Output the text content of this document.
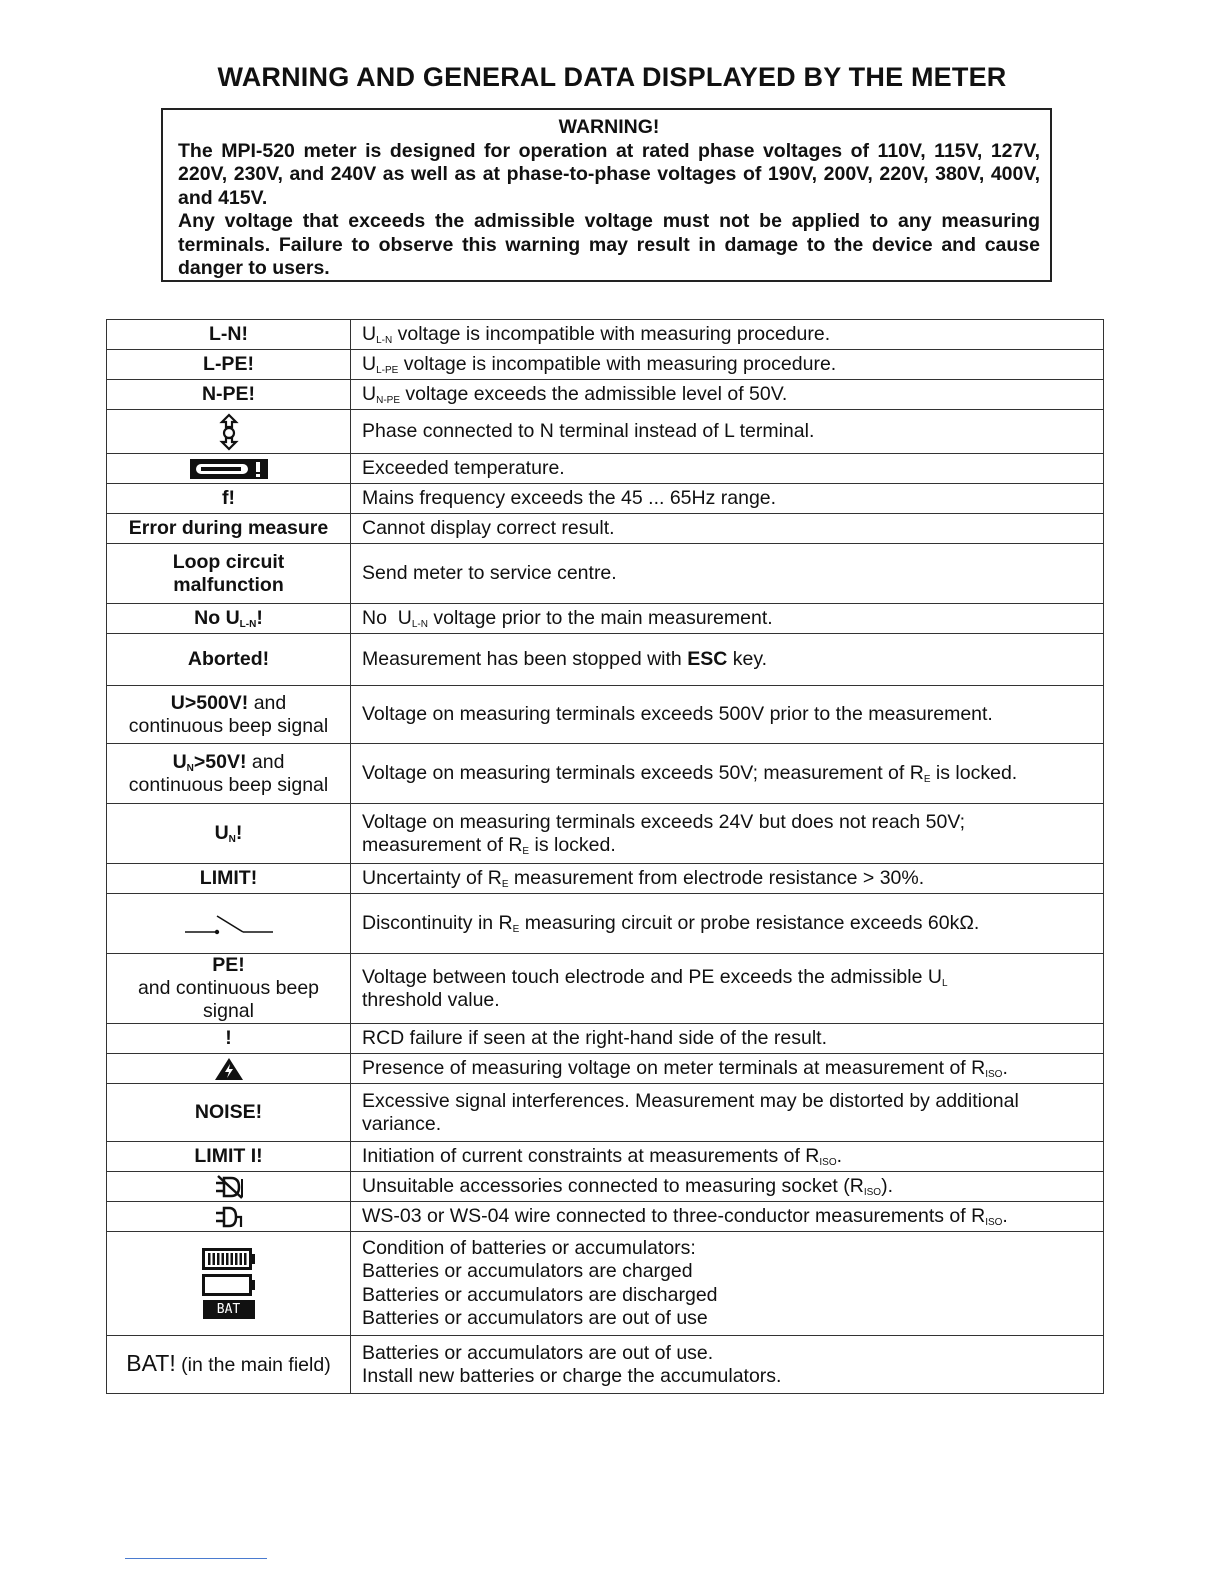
WARNING AND GENERAL DATA DISPLAYED BY THE METER
WARNING!

The MPI-520 meter is designed for operation at rated phase voltages of 110V, 115V, 127V, 220V, 230V, and 240V as well as at phase-to-phase voltages of 190V, 200V, 220V, 380V, 400V, and 415V.

Any voltage that exceeds the admissible voltage must not be applied to any measuring terminals. Failure to observe this warning may result in damage to the device and cause danger to users.

L-N!	$U_{L-N}$ voltage is incompatible with measuring procedure.
L-PE!	$U_{L-PE}$ voltage is incompatible with measuring procedure.
N-PE!	$U_{N-PE}$ voltage exceeds the admissible level of 50V.
	Phase connected to N terminal instead of L terminal.
	Exceeded temperature.
f!	Mains frequency exceeds the 45 ... 65Hz range.
Error during measure	Cannot display correct result.
Loop circuit
malfunction	Send meter to service centre.
No $U_{L-N}$!	No  $U_{L-N}$ voltage prior to the main measurement.
Aborted!	Measurement has been stopped with ESC key.
U>500V! and
continuous beep signal	Voltage on measuring terminals exceeds 500V prior to the measurement.
$U_N>50V$! and
continuous beep signal	Voltage on measuring terminals exceeds 50V; measurement of $R_E$ is locked.
$U_N$!	Voltage on measuring terminals exceeds 24V but does not reach 50V;
measurement of $R_E$ is locked.
LIMIT!	Uncertainty of $R_E$ measurement from electrode resistance > 30%.
	Discontinuity in $R_E$ measuring circuit or probe resistance exceeds 60kΩ.
PE!
and continuous beep signal	Voltage between touch electrode and PE exceeds the admissible $U_L$
threshold value.
!	RCD failure if seen at the right-hand side of the result.
	Presence of measuring voltage on meter terminals at measurement of $R_{ISO}$.
NOISE!	Excessive signal interferences. Measurement may be distorted by additional variance.
LIMIT I!	Initiation of current constraints at measurements of $R_{ISO}$.
	Unsuitable accessories connected to measuring socket $(R_{ISO})$.
	WS-03 or WS-04 wire connected to three-conductor measurements of $R_{ISO}$.

BAT	Condition of batteries or accumulators:
Batteries or accumulators are charged
Batteries or accumulators are discharged
Batteries or accumulators are out of use
BAT! (in the main field)	Batteries or accumulators are out of use.
Install new batteries or charge the accumulators.
